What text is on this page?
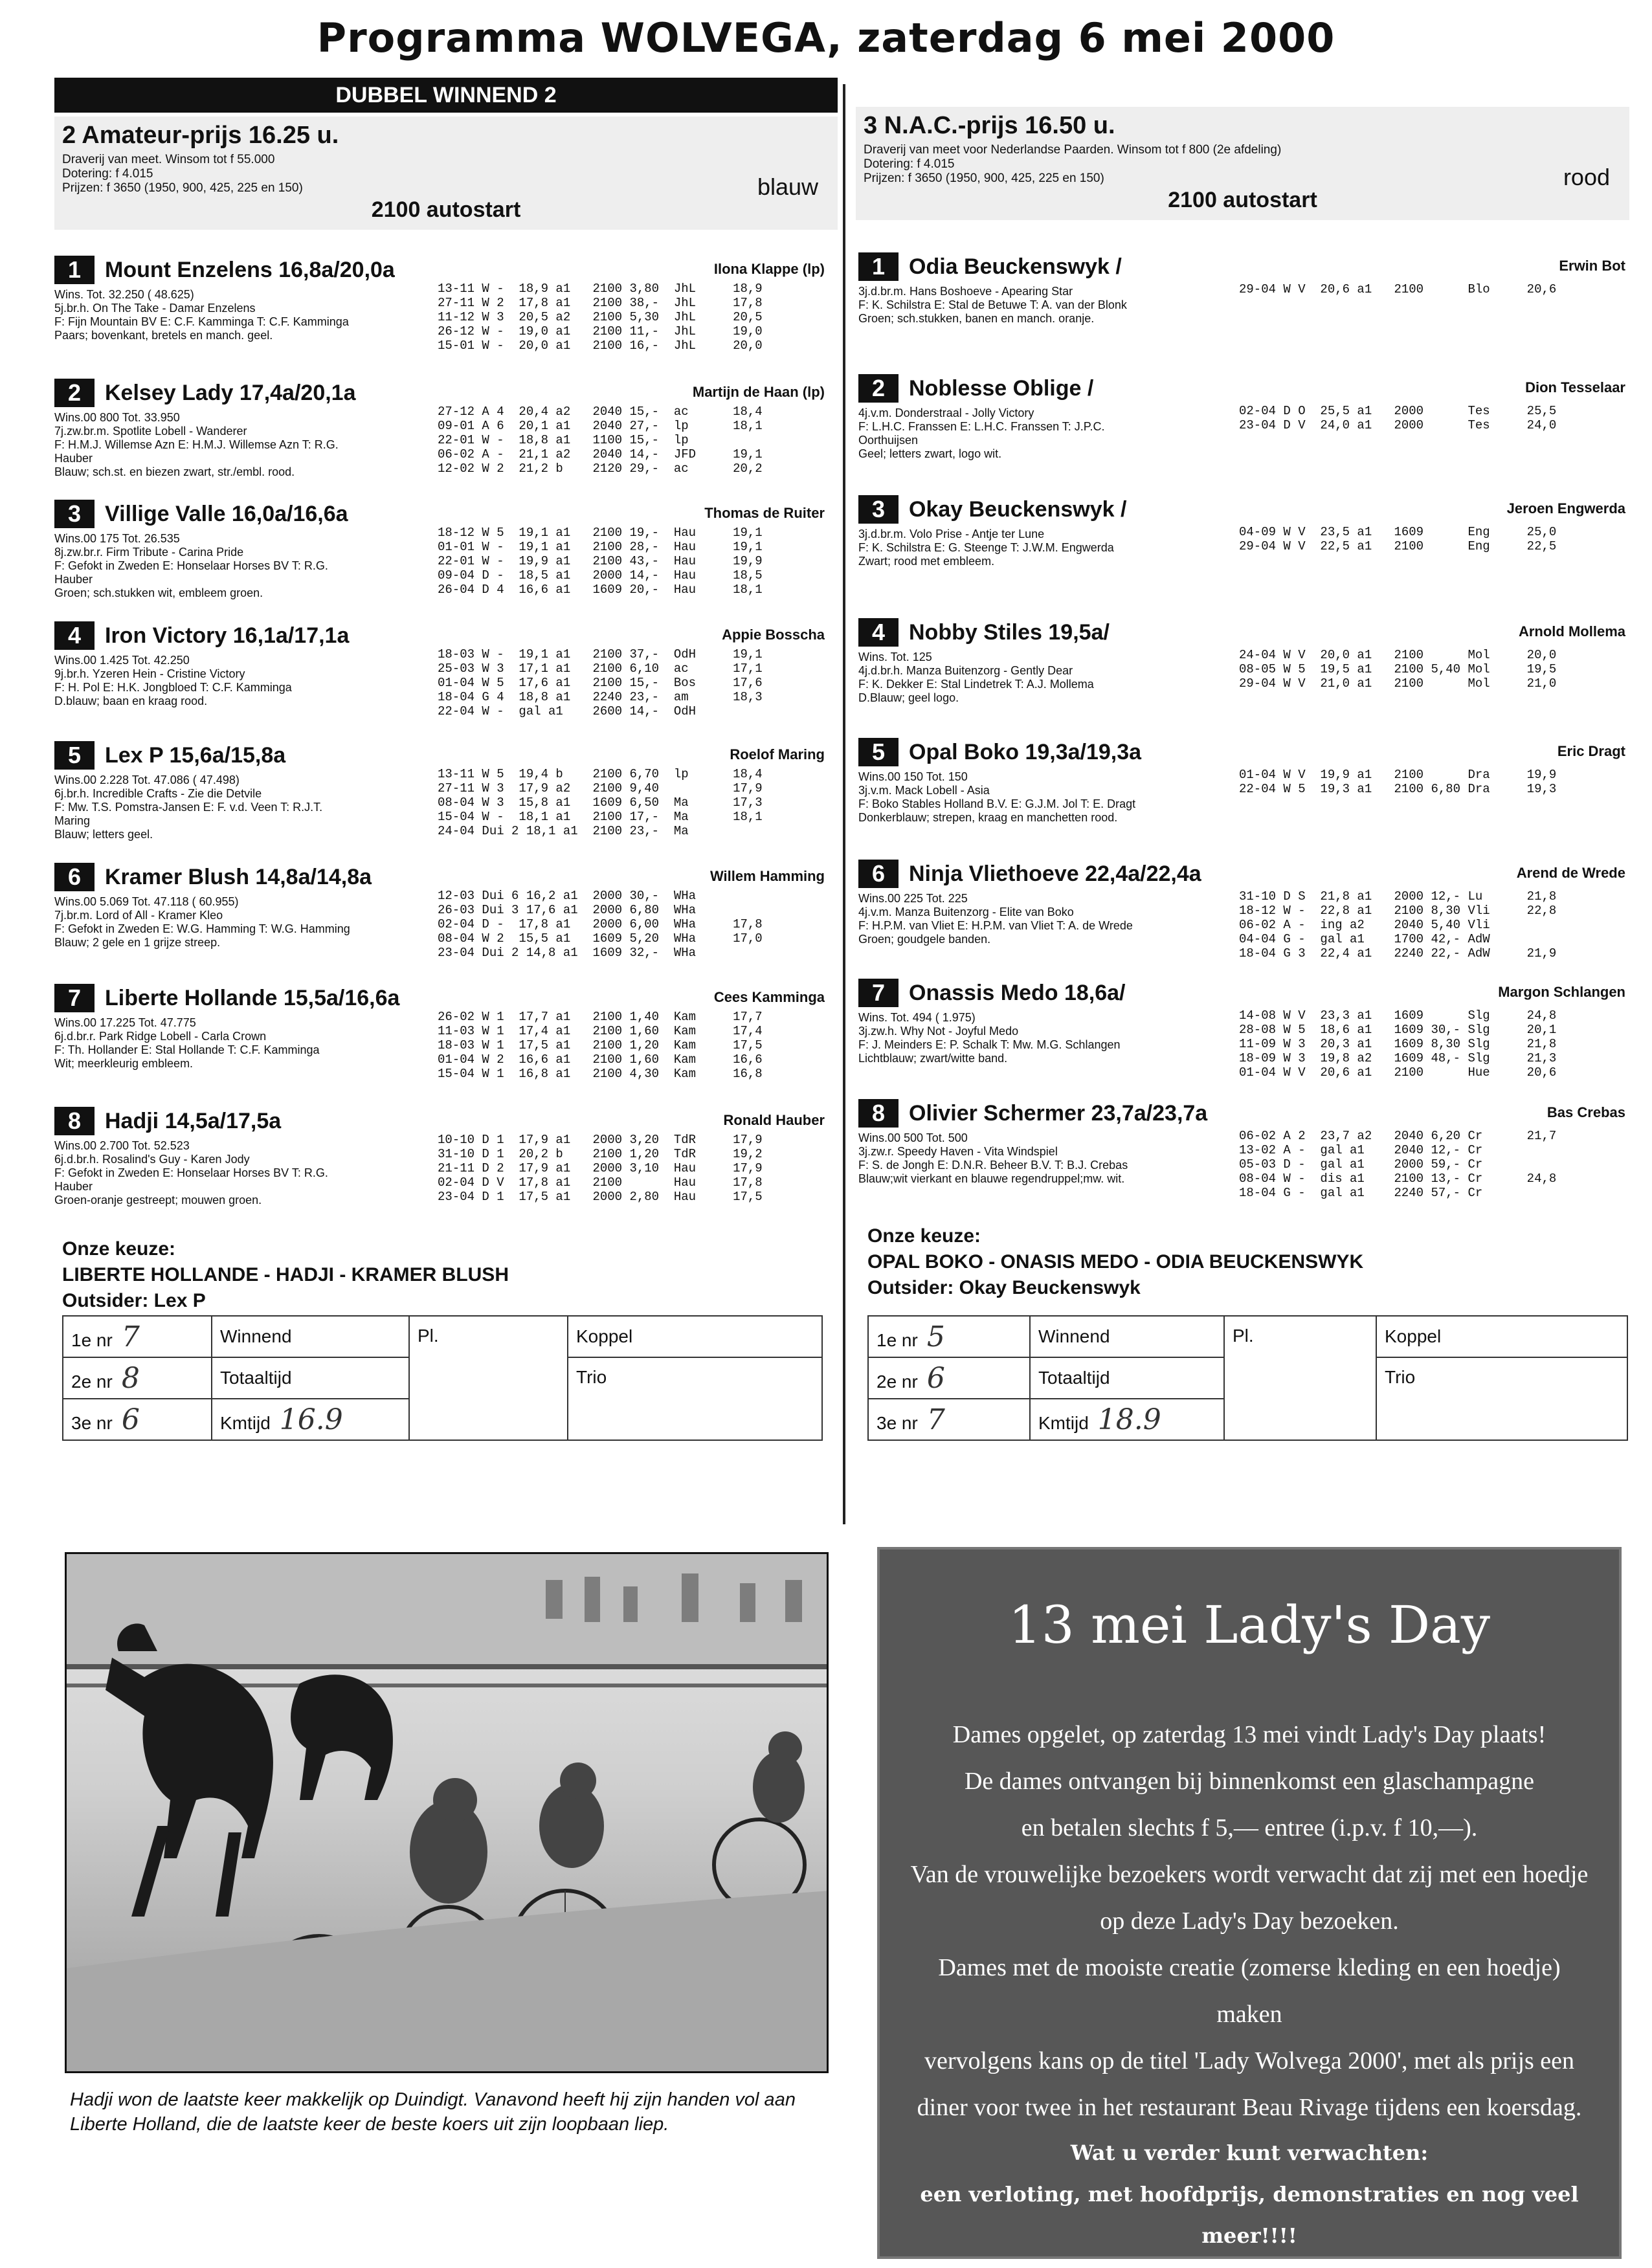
Programma WOLVEGA, zaterdag 6 mei 2000
DUBBEL WINNEND 2
2 Amateur-prijs 16.25 u.
Draverij van meet. Winsom tot f 55.000
Dotering: f 4.015
Prijzen: f 3650 (1950, 900, 425, 225 en 150)	blauw
2100 autostart
1	Mount Enzelens 16,8a/20,0a	Ilona Klappe (lp)
Wins. Tot. 32.250 ( 48.625)
5j.br.h. On The Take - Damar Enzelens
F: Fijn Mountain BV E: C.F. Kamminga T: C.F. Kamminga
Paars; bovenkant, bretels en manch. geel.
13-11 W -  18,9 a1   2100 3,80  JhL     18,9
27-11 W 2  17,8 a1   2100 38,-  JhL     17,8
11-12 W 3  20,5 a2   2100 5,30  JhL     20,5
26-12 W -  19,0 a1   2100 11,-  JhL     19,0
15-01 W -  20,0 a1   2100 16,-  JhL     20,0
2	Kelsey Lady 17,4a/20,1a	Martijn de Haan (lp)
Wins.00 800 Tot. 33.950
7j.zw.br.m. Spotlite Lobell - Wanderer
F: H.M.J. Willemse Azn E: H.M.J. Willemse Azn T: R.G.
Hauber
Blauw; sch.st. en biezen zwart, str./embl. rood.
27-12 A 4  20,4 a2   2040 15,-  ac      18,4
09-01 A 6  20,1 a1   2040 27,-  lp      18,1
22-01 W -  18,8 a1   1100 15,-  lp
06-02 A -  21,1 a2   2040 14,-  JFD     19,1
12-02 W 2  21,2 b    2120 29,-  ac      20,2
3	Villige Valle 16,0a/16,6a	Thomas de Ruiter
Wins.00 175 Tot. 26.535
8j.zw.br.r. Firm Tribute - Carina Pride
F: Gefokt in Zweden E: Honselaar Horses BV T: R.G.
Hauber
Groen; sch.stukken wit, embleem groen.
18-12 W 5  19,1 a1   2100 19,-  Hau     19,1
01-01 W -  19,1 a1   2100 28,-  Hau     19,1
22-01 W -  19,9 a1   2100 43,-  Hau     19,9
09-04 D -  18,5 a1   2000 14,-  Hau     18,5
26-04 D 4  16,6 a1   1609 20,-  Hau     18,1
4	Iron Victory 16,1a/17,1a	Appie Bosscha
Wins.00 1.425 Tot. 42.250
9j.br.h. Yzeren Hein - Cristine Victory
F: H. Pol E: H.K. Jongbloed T: C.F. Kamminga
D.blauw; baan en kraag rood.
18-03 W -  19,1 a1   2100 37,-  OdH     19,1
25-03 W 3  17,1 a1   2100 6,10  ac      17,1
01-04 W 5  17,6 a1   2100 15,-  Bos     17,6
18-04 G 4  18,8 a1   2240 23,-  am      18,3
22-04 W -  gal a1    2600 14,-  OdH
5	Lex P 15,6a/15,8a	Roelof Maring
Wins.00 2.228 Tot. 47.086 ( 47.498)
6j.br.h. Incredible Crafts - Zie die Detvile
F: Mw. T.S. Pomstra-Jansen E: F. v.d. Veen T: R.J.T.
Maring
Blauw; letters geel.
13-11 W 5  19,4 b    2100 6,70  lp      18,4
27-11 W 3  17,9 a2   2100 9,40          17,9
08-04 W 3  15,8 a1   1609 6,50  Ma      17,3
15-04 W -  18,1 a1   2100 17,-  Ma      18,1
24-04 Dui 2 18,1 a1  2100 23,-  Ma
6	Kramer Blush 14,8a/14,8a	Willem Hamming
Wins.00 5.069 Tot. 47.118 ( 60.955)
7j.br.m. Lord of All - Kramer Kleo
F: Gefokt in Zweden E: W.G. Hamming T: W.G. Hamming
Blauw; 2 gele en 1 grijze streep.
12-03 Dui 6 16,2 a1  2000 30,-  WHa
26-03 Dui 3 17,6 a1  2000 6,80  WHa
02-04 D -  17,8 a1   2000 6,00  WHa     17,8
08-04 W 2  15,5 a1   1609 5,20  WHa     17,0
23-04 Dui 2 14,8 a1  1609 32,-  WHa
7	Liberte Hollande 15,5a/16,6a	Cees Kamminga
Wins.00 17.225 Tot. 47.775
6j.d.br.r. Park Ridge Lobell - Carla Crown
F: Th. Hollander E: Stal Hollande T: C.F. Kamminga
Wit; meerkleurig embleem.
26-02 W 1  17,7 a1   2100 1,40  Kam     17,7
11-03 W 1  17,4 a1   2100 1,60  Kam     17,4
18-03 W 1  17,5 a1   2100 1,20  Kam     17,5
01-04 W 2  16,6 a1   2100 1,60  Kam     16,6
15-04 W 1  16,8 a1   2100 4,30  Kam     16,8
8	Hadji 14,5a/17,5a	Ronald Hauber
Wins.00 2.700 Tot. 52.523
6j.d.br.h. Rosalind's Guy - Karen Jody
F: Gefokt in Zweden E: Honselaar Horses BV T: R.G.
Hauber
Groen-oranje gestreept; mouwen groen.
10-10 D 1  17,9 a1   2000 3,20  TdR     17,9
31-10 D 1  20,2 b    2100 1,20  TdR     19,2
21-11 D 2  17,9 a1   2000 3,10  Hau     17,9
02-04 D V  17,8 a1   2100       Hau     17,8
23-04 D 1  17,5 a1   2000 2,80  Hau     17,5
Onze keuze:
LIBERTE HOLLANDE - HADJI - KRAMER BLUSH
Outsider: Lex P
1e nr 7	Winnend	Pl.	Koppel
2e nr 8	Totaaltijd		Trio
3e nr 6	Kmtijd 16.9		
3 N.A.C.-prijs 16.50 u.
Draverij van meet voor Nederlandse Paarden. Winsom tot f 800 (2e afdeling)
Dotering: f 4.015
Prijzen: f 3650 (1950, 900, 425, 225 en 150)	rood
2100 autostart
1	Odia Beuckenswyk /	Erwin Bot
3j.d.br.m. Hans Boshoeve - Apearing Star
F: K. Schilstra E: Stal de Betuwe T: A. van der Blonk
Groen; sch.stukken, banen en manch. oranje.
29-04 W V  20,6 a1   2100      Blo     20,6
2	Noblesse Oblige /	Dion Tesselaar
4j.v.m. Donderstraal - Jolly Victory
F: L.H.C. Franssen E: L.H.C. Franssen T: J.P.C.
Oorthuijsen
Geel; letters zwart, logo wit.
02-04 D O  25,5 a1   2000      Tes     25,5
23-04 D V  24,0 a1   2000      Tes     24,0
3	Okay Beuckenswyk /	Jeroen Engwerda
3j.d.br.m. Volo Prise - Antje ter Lune
F: K. Schilstra E: G. Steenge T: J.W.M. Engwerda
Zwart; rood met embleem.
04-09 W V  23,5 a1   1609      Eng     25,0
29-04 W V  22,5 a1   2100      Eng     22,5
4	Nobby Stiles 19,5a/	Arnold Mollema
Wins. Tot. 125
4j.d.br.h. Manza Buitenzorg - Gently Dear
F: K. Dekker E: Stal Lindetrek T: A.J. Mollema
D.Blauw; geel logo.
24-04 W V  20,0 a1   2100      Mol     20,0
08-05 W 5  19,5 a1   2100 5,40 Mol     19,5
29-04 W V  21,0 a1   2100      Mol     21,0
5	Opal Boko 19,3a/19,3a	Eric Dragt
Wins.00 150 Tot. 150
3j.v.m. Mack Lobell - Asia
F: Boko Stables Holland B.V. E: G.J.M. Jol T: E. Dragt
Donkerblauw; strepen, kraag en manchetten rood.
01-04 W V  19,9 a1   2100      Dra     19,9
22-04 W 5  19,3 a1   2100 6,80 Dra     19,3
6	Ninja Vliethoeve 22,4a/22,4a	Arend de Wrede
Wins.00 225 Tot. 225
4j.v.m. Manza Buitenzorg - Elite van Boko
F: H.P.M. van Vliet E: H.P.M. van Vliet T: A. de Wrede
Groen; goudgele banden.
31-10 D S  21,8 a1   2000 12,- Lu      21,8
18-12 W -  22,8 a1   2100 8,30 Vli     22,8
06-02 A -  ing a2    2040 5,40 Vli
04-04 G -  gal a1    1700 42,- AdW
18-04 G 3  22,4 a1   2240 22,- AdW     21,9
7	Onassis Medo 18,6a/	Margon Schlangen
Wins. Tot. 494 ( 1.975)
3j.zw.h. Why Not - Joyful Medo
F: J. Meinders E: P. Schalk T: Mw. M.G. Schlangen
Lichtblauw; zwart/witte band.
14-08 W V  23,3 a1   1609      Slg     24,8
28-08 W 5  18,6 a1   1609 30,- Slg     20,1
11-09 W 3  20,3 a1   1609 8,30 Slg     21,8
18-09 W 3  19,8 a2   1609 48,- Slg     21,3
01-04 W V  20,6 a1   2100      Hue     20,6
8	Olivier Schermer 23,7a/23,7a	Bas Crebas
Wins.00 500 Tot. 500
3j.zw.r. Speedy Haven - Vita Windspiel
F: S. de Jongh E: D.N.R. Beheer B.V. T: B.J. Crebas
Blauw;wit vierkant en blauwe regendruppel;mw. wit.
06-02 A 2  23,7 a2   2040 6,20 Cr      21,7
13-02 A -  gal a1    2040 12,- Cr
05-03 D -  gal a1    2000 59,- Cr
08-04 W -  dis a1    2100 13,- Cr      24,8
18-04 G -  gal a1    2240 57,- Cr
Onze keuze:
OPAL BOKO - ONASIS MEDO - ODIA BEUCKENSWYK
Outsider: Okay Beuckenswyk
1e nr 5	Winnend	Pl.	Koppel
2e nr 6	Totaaltijd		Trio
3e nr 7	Kmtijd 18.9		
Hadji won de laatste keer makkelijk op Duindigt. Vanavond heeft hij zijn handen vol aan Liberte Holland, die de laatste keer de beste koers uit zijn loopbaan liep.
13 mei Lady's Day
Dames opgelet, op zaterdag 13 mei vindt Lady's Day plaats!
De dames ontvangen bij binnenkomst een glaschampagne
en betalen slechts f 5,— entree (i.p.v. f 10,—).
Van de vrouwelijke bezoekers wordt verwacht dat zij met een hoedje
op deze Lady's Day bezoeken.
Dames met de mooiste creatie (zomerse kleding en een hoedje) maken
vervolgens kans op de titel 'Lady Wolvega 2000', met als prijs een
diner voor twee in het restaurant Beau Rivage tijdens een koersdag.
Wat u verder kunt verwachten:
een verloting, met hoofdprijs, demonstraties en nog veel meer!!!!
